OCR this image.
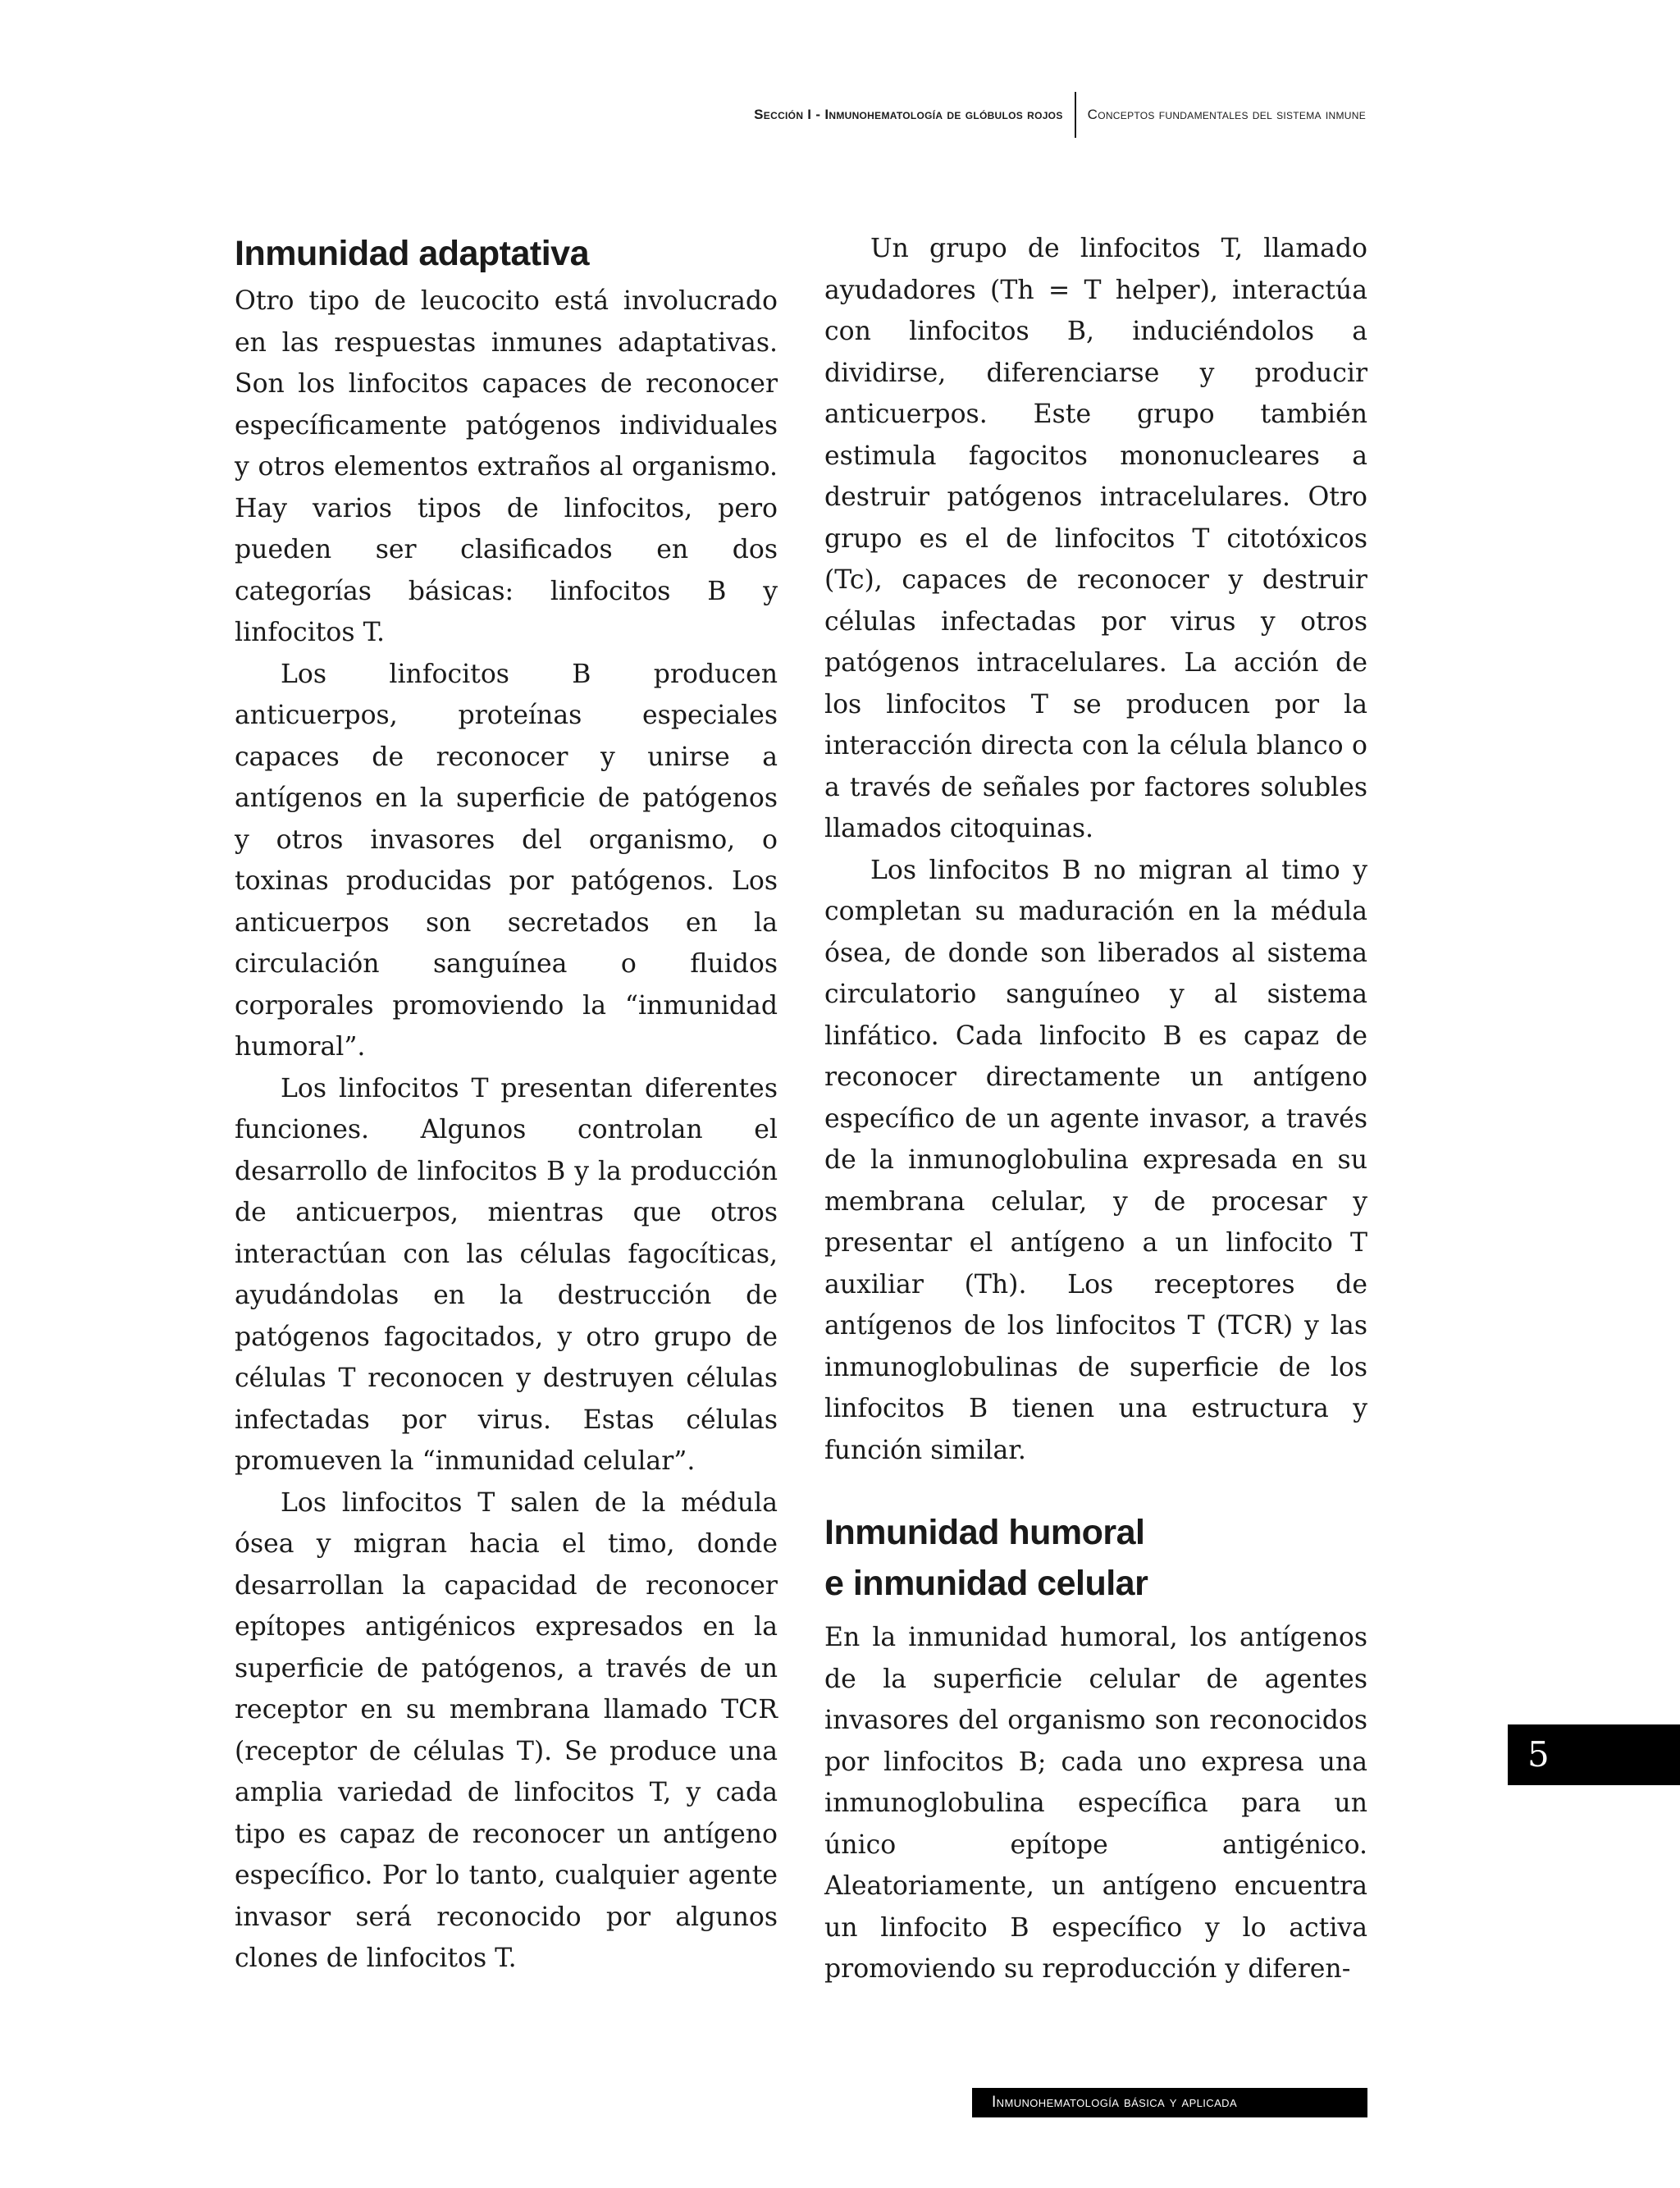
Sección I - Inmunohematología de glóbulos rojos	Conceptos fundamentales del sistema inmune
Inmunidad adaptativa

Otro tipo de leucocito está involucrado en las respuestas inmunes adaptativas. Son los linfocitos capaces de reconocer específicamente patógenos individuales y otros elementos extraños al organismo. Hay varios tipos de linfocitos, pero pueden ser clasificados en dos categorías básicas: linfocitos B y linfocitos T.

Los linfocitos B producen anticuerpos, proteínas especiales capaces de reconocer y unirse a antígenos en la superficie de patógenos y otros invasores del organismo, o toxinas producidas por patógenos. Los anticuerpos son secretados en la circulación sanguínea o fluidos corporales promoviendo la “inmunidad humoral”.

Los linfocitos T presentan diferentes funciones. Algunos controlan el desarrollo de linfocitos B y la producción de anticuerpos, mientras que otros interactúan con las células fagocíticas, ayudándolas en la destrucción de patógenos fagocitados, y otro grupo de células T reconocen y destruyen células infectadas por virus. Estas células promueven la “inmunidad celular”.

Los linfocitos T salen de la médula ósea y migran hacia el timo, donde desarrollan la capacidad de reconocer epítopes antigénicos expresados en la superficie de patógenos, a través de un receptor en su membrana llamado TCR (receptor de células T). Se produce una amplia variedad de linfocitos T, y cada tipo es capaz de reconocer un antígeno específico. Por lo tanto, cualquier agente invasor será reconocido por algunos clones de linfocitos T.

Un grupo de linfocitos T, llamado ayudadores (Th = T helper), interactúa con linfocitos B, induciéndolos a dividirse, diferenciarse y producir anticuerpos. Este grupo también estimula fagocitos mononucleares a destruir patógenos intracelulares. Otro grupo es el de linfocitos T citotóxicos (Tc), capaces de reconocer y destruir células infectadas por virus y otros patógenos intracelulares. La acción de los linfocitos T se producen por la interacción directa con la célula blanco o a través de señales por factores solubles llamados citoquinas.

Los linfocitos B no migran al timo y completan su maduración en la médula ósea, de donde son liberados al sistema circulatorio sanguíneo y al sistema linfático. Cada linfocito B es capaz de reconocer directamente un antígeno específico de un agente invasor, a través de la inmunoglobulina expresada en su membrana celular, y de procesar y presentar el antígeno a un linfocito T auxiliar (Th). Los receptores de antígenos de los linfocitos T (TCR) y las inmunoglobulinas de superficie de los linfocitos B tienen una estructura y función similar.

Inmunidad humoral
e inmunidad celular

En la inmunidad humoral, los antígenos de la superficie celular de agentes invasores del organismo son reconocidos por linfocitos B; cada uno expresa una inmunoglobulina específica para un único epítope antigénico. Aleatoriamente, un antígeno encuentra un linfocito B específico y lo activa promoviendo su reproducción y diferen-

5
Inmunohematología básica y aplicada
